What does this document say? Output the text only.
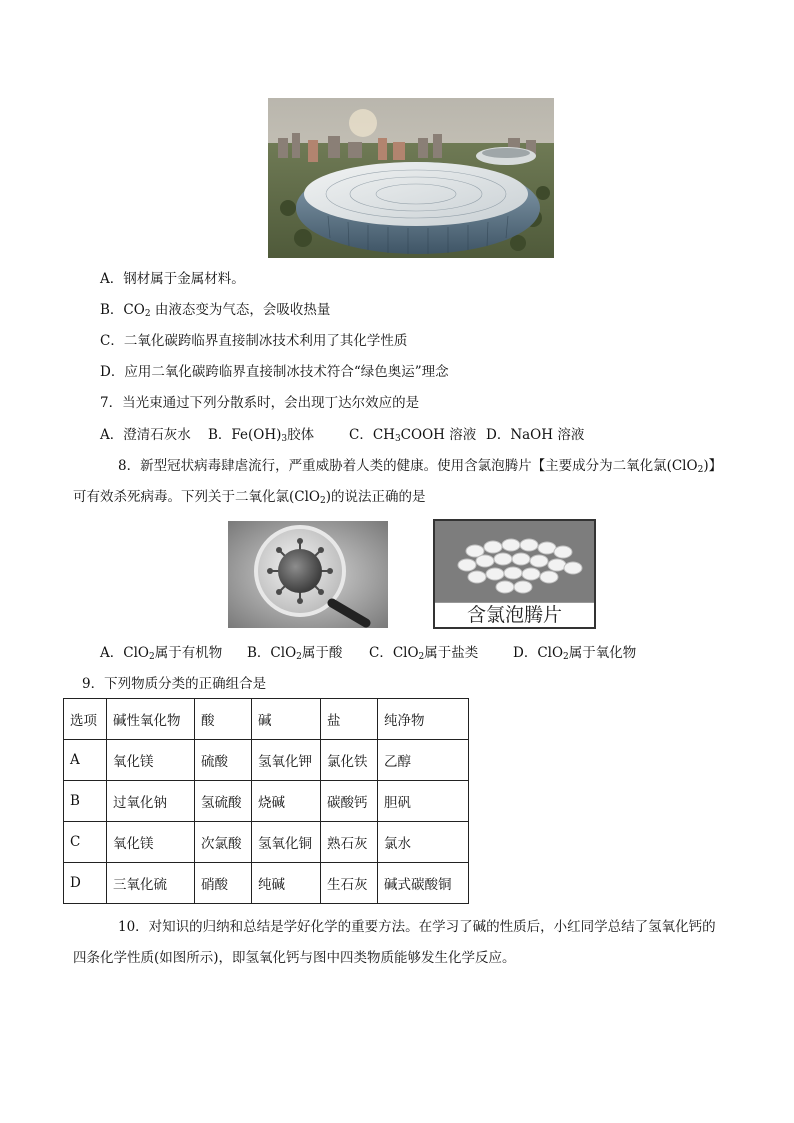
A．钢材属于金属材料。
B．$CO_2$ 由液态变为气态，会吸收热量
C．二氧化碳跨临界直接制冰技术利用了其化学性质
D．应用二氧化碳跨临界直接制冰技术符合“绿色奥运”理念
7．当光束通过下列分散系时，会出现丁达尔效应的是
A．澄清石灰水 B．$Fe(OH)_3$胶体	C．$CH_3COOH$ 溶液 D．NaOH 溶液
8．新型冠状病毒肆虐流行，严重威胁着人类的健康。使用含氯泡腾片【主要成分为二氧化氯(ClO$_2$)】
可有效杀死病毒。下列关于二氧化氯(ClO$_2$)的说法正确的是
含氯泡腾片
A．ClO$_2$属于有机物 B．ClO$_2$属于酸 C．ClO$_2$属于盐类	D．ClO$_2$属于氧化物
9．下列物质分类的正确组合是
选项	碱性氧化物	酸	碱	盐	纯净物
A	氧化镁	硫酸	氢氧化钾	氯化铁	乙醇
B	过氧化钠	氢硫酸	烧碱	碳酸钙	胆矾
C	氧化镁	次氯酸	氢氧化铜	熟石灰	氯水
D	三氧化硫	硝酸	纯碱	生石灰	碱式碳酸铜
10．对知识的归纳和总结是学好化学的重要方法。在学习了碱的性质后，小红同学总结了氢氧化钙的
四条化学性质(如图所示)，即氢氧化钙与图中四类物质能够发生化学反应。
